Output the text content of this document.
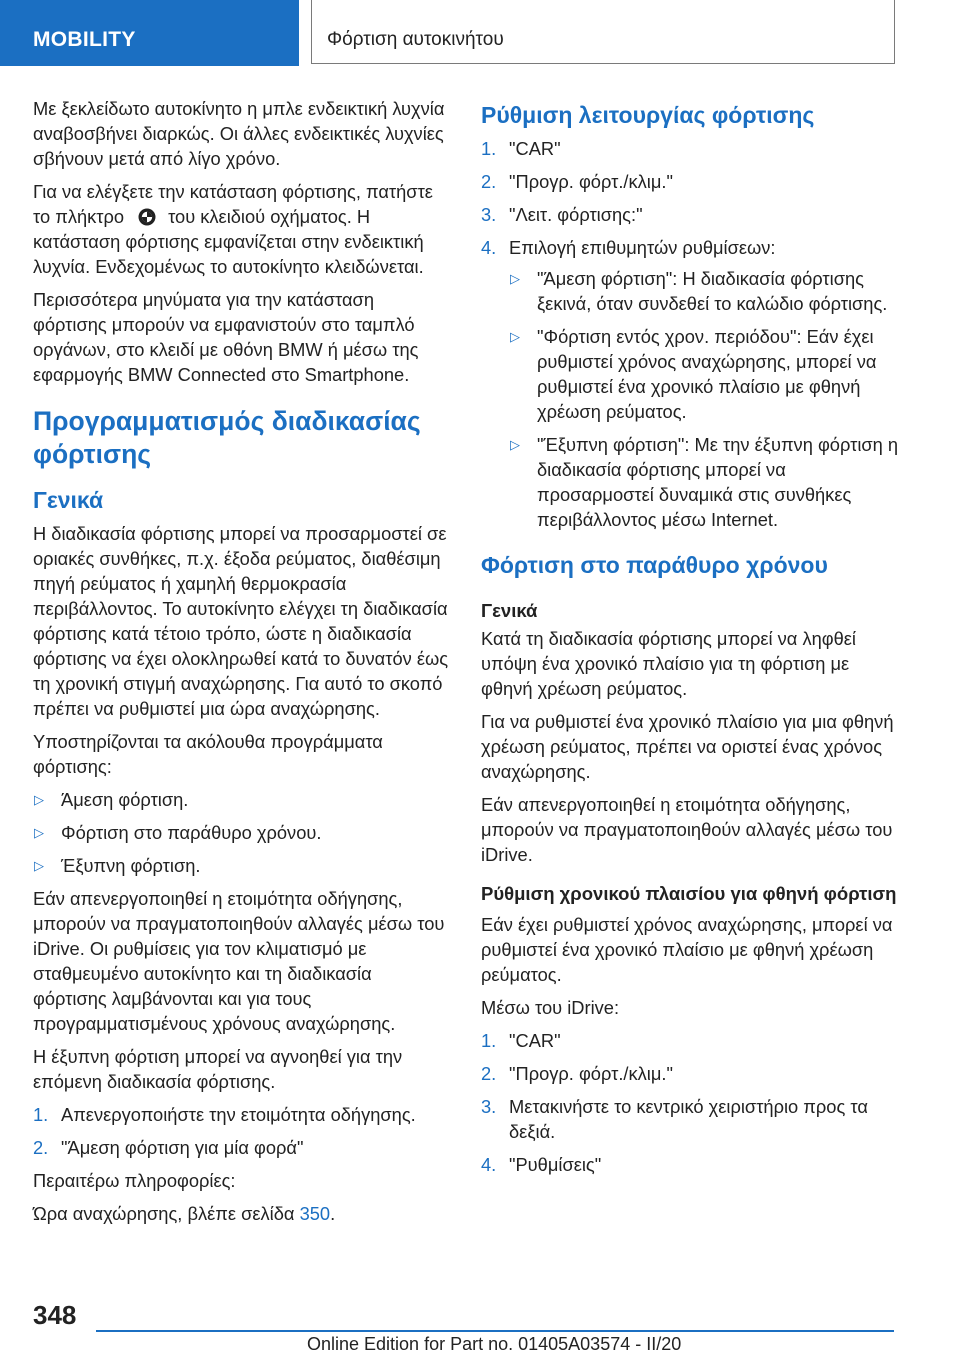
MOBILITY	Φόρτιση αυτοκινήτου

Με ξεκλείδωτο αυτοκίνητο η μπλε ενδεικτική λυχνία αναβοσβήνει διαρκώς. Οι άλλες ενδεικτικές λυχνίες σβήνουν μετά από λίγο χρόνο.

Για να ελέγξετε την κατάσταση φόρτισης, πατήστε το πλήκτρο του κλειδιού οχήματος. Η κατάσταση φόρτισης εμφανίζεται στην ενδεικτική λυχνία. Ενδεχομένως το αυτοκίνητο κλειδώνεται.

Περισσότερα μηνύματα για την κατάσταση φόρτισης μπορούν να εμφανιστούν στο ταμπλό οργάνων, στο κλειδί με οθόνη BMW ή μέσω της εφαρμογής BMW Connected στο Smartphone.

Προγραμματισμός διαδικασίας φόρτισης
Γενικά

Η διαδικασία φόρτισης μπορεί να προσαρμοστεί σε οριακές συνθήκες, π.χ. έξοδα ρεύματος, διαθέσιμη πηγή ρεύματος ή χαμηλή θερμοκρασία περιβάλλοντος. Το αυτοκίνητο ελέγχει τη διαδικασία φόρτισης κατά τέτοιο τρόπο, ώστε η διαδικασία φόρτισης να έχει ολοκληρωθεί κατά το δυνατόν έως τη χρονική στιγμή αναχώρησης. Για αυτό το σκοπό πρέπει να ρυθμιστεί μια ώρα αναχώρησης.

Υποστηρίζονται τα ακόλουθα προγράμματα φόρτισης:

▷ Άμεση φόρτιση.
▷ Φόρτιση στο παράθυρο χρόνου.
▷ Έξυπνη φόρτιση.

Εάν απενεργοποιηθεί η ετοιμότητα οδήγησης, μπορούν να πραγματοποιηθούν αλλαγές μέσω του iDrive. Οι ρυθμίσεις για τον κλιματισμό με σταθμευμένο αυτοκίνητο και τη διαδικασία φόρτισης λαμβάνονται και για τους προγραμματισμένους χρόνους αναχώρησης.

Η έξυπνη φόρτιση μπορεί να αγνοηθεί για την επόμενη διαδικασία φόρτισης.

1. Απενεργοποιήστε την ετοιμότητα οδήγησης.
2. "Άμεση φόρτιση για μία φορά"

Περαιτέρω πληροφορίες:

Ώρα αναχώρησης, βλέπε σελίδα 350.

Ρύθμιση λειτουργίας φόρτισης
1. "CAR"
2. "Προγρ. φόρτ./κλιμ."
3. "Λειτ. φόρτισης:"
4. Επιλογή επιθυμητών ρυθμίσεων:
▷ "Άμεση φόρτιση": Η διαδικασία φόρτισης ξεκινά, όταν συνδεθεί το καλώδιο φόρτισης.
▷ "Φόρτιση εντός χρον. περιόδου": Εάν έχει ρυθμιστεί χρόνος αναχώρησης, μπορεί να ρυθμιστεί ένα χρονικό πλαίσιο με φθηνή χρέωση ρεύματος.
▷ "Έξυπνη φόρτιση": Με την έξυπνη φόρτιση η διαδικασία φόρτισης μπορεί να προσαρμοστεί δυναμικά στις συνθήκες περιβάλλοντος μέσω Internet.
Φόρτιση στο παράθυρο χρόνου
Γενικά

Κατά τη διαδικασία φόρτισης μπορεί να ληφθεί υπόψη ένα χρονικό πλαίσιο για τη φόρτιση με φθηνή χρέωση ρεύματος.

Για να ρυθμιστεί ένα χρονικό πλαίσιο για μια φθηνή χρέωση ρεύματος, πρέπει να οριστεί ένας χρόνος αναχώρησης.

Εάν απενεργοποιηθεί η ετοιμότητα οδήγησης, μπορούν να πραγματοποιηθούν αλλαγές μέσω του iDrive.

Ρύθμιση χρονικού πλαισίου για φθηνή φόρτιση

Εάν έχει ρυθμιστεί χρόνος αναχώρησης, μπορεί να ρυθμιστεί ένα χρονικό πλαίσιο με φθηνή χρέωση ρεύματος.

Μέσω του iDrive:

1. "CAR"
2. "Προγρ. φόρτ./κλιμ."
3. Μετακινήστε το κεντρικό χειριστήριο προς τα δεξιά.
4. "Ρυθμίσεις"
348
Online Edition for Part no. 01405A03574 - II/20
